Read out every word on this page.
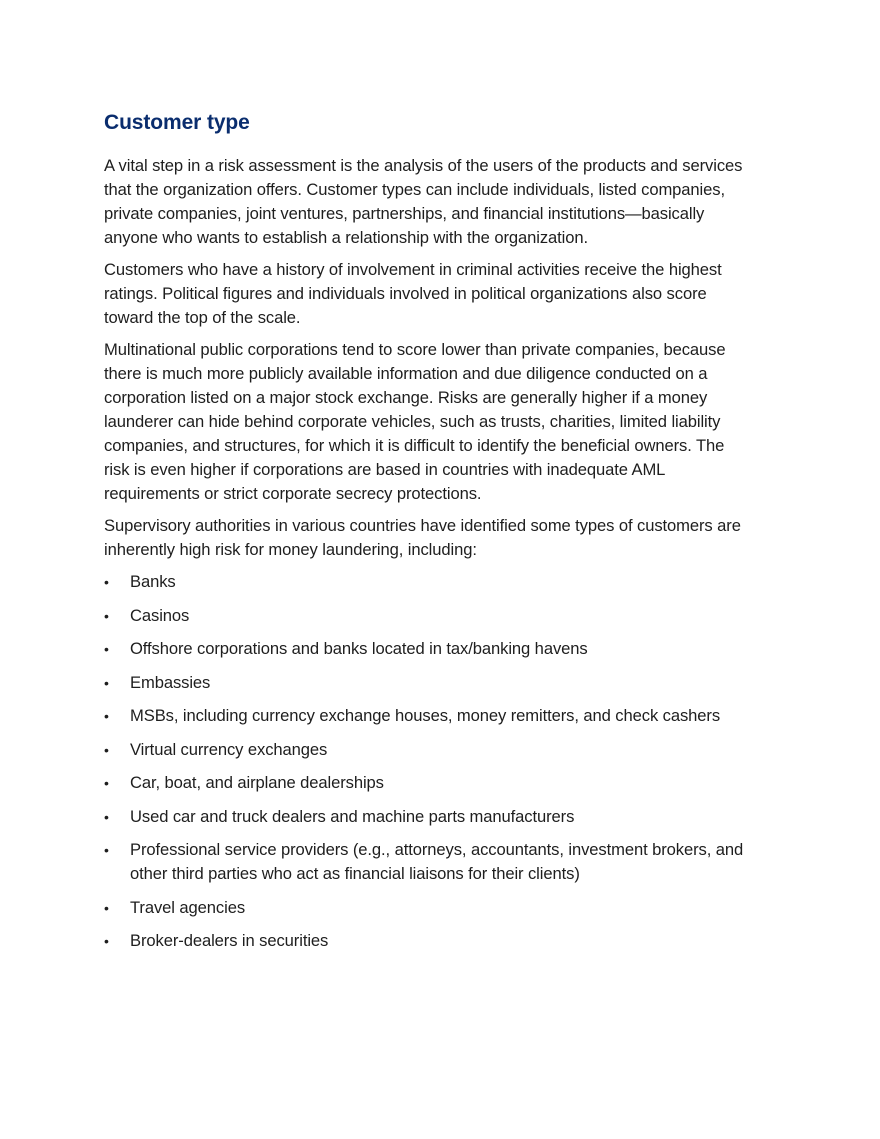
Customer type

A vital step in a risk assessment is the analysis of the users of the products and services that the organization offers. Customer types can include individuals, listed companies, private companies, joint ventures, partnerships, and financial institutions—basically anyone who wants to establish a relationship with the organization.

Customers who have a history of involvement in criminal activities receive the highest ratings. Political figures and individuals involved in political organizations also score toward the top of the scale.

Multinational public corporations tend to score lower than private companies, because there is much more publicly available information and due diligence conducted on a corporation listed on a major stock exchange. Risks are generally higher if a money launderer can hide behind corporate vehicles, such as trusts, charities, limited liability companies, and structures, for which it is difficult to identify the beneficial owners. The risk is even higher if corporations are based in countries with inadequate AML requirements or strict corporate secrecy protections.

Supervisory authorities in various countries have identified some types of customers are inherently high risk for money laundering, including:

• Banks
• Casinos
• Offshore corporations and banks located in tax/banking havens
• Embassies
• MSBs, including currency exchange houses, money remitters, and check cashers
• Virtual currency exchanges
• Car, boat, and airplane dealerships
• Used car and truck dealers and machine parts manufacturers
• Professional service providers (e.g., attorneys, accountants, investment brokers, and other third parties who act as financial liaisons for their clients)
• Travel agencies
• Broker-dealers in securities
